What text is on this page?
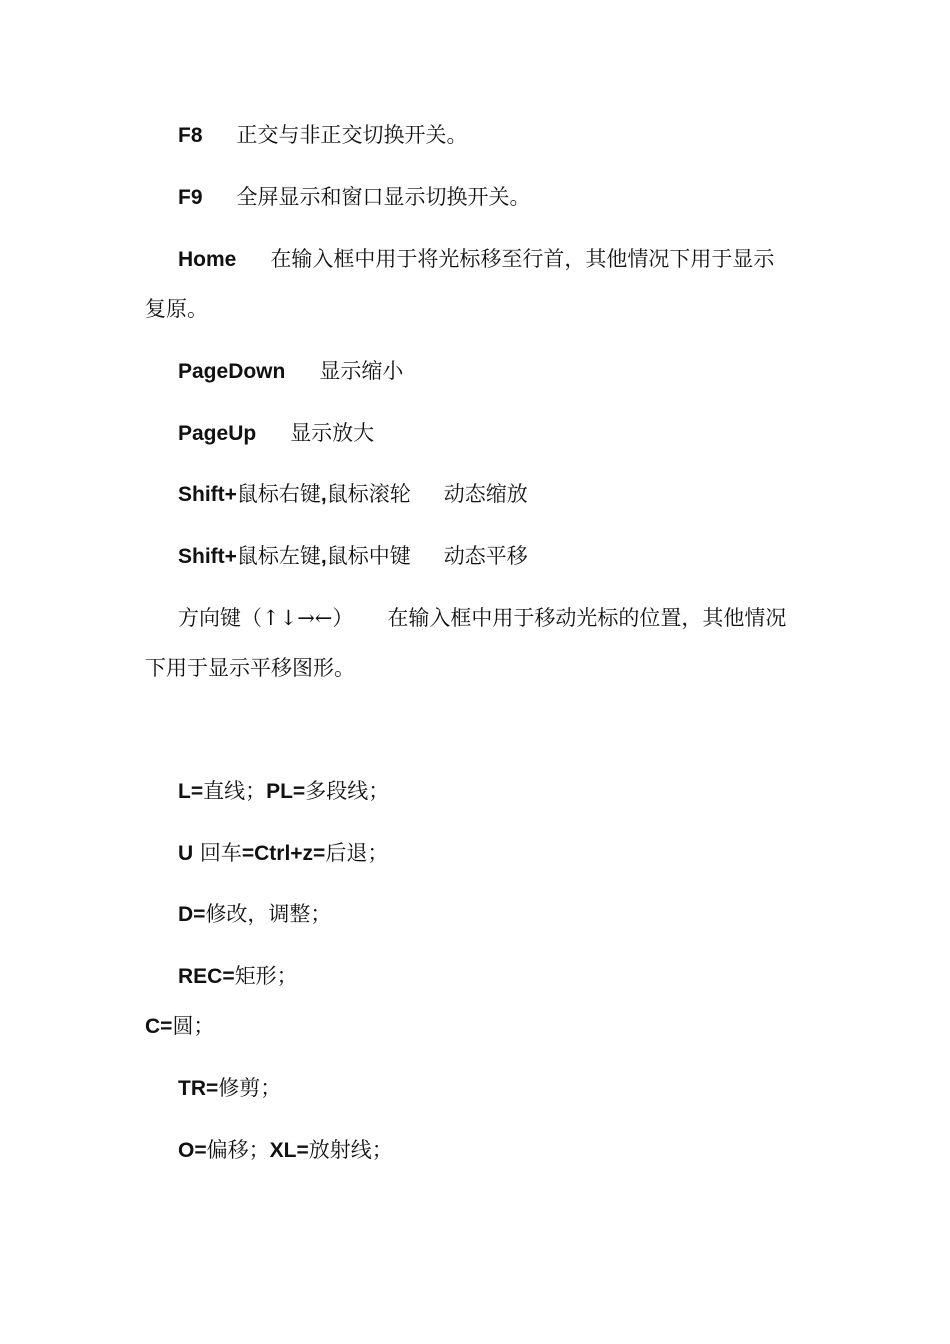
F8 正交与非正交切换开关。
F9 全屏显示和窗口显示切换开关。
Home 在输入框中用于将光标移至行首，其他情况下用于显示
复原。
PageDown 显示缩小
PageUp 显示放大
Shift+鼠标右键,鼠标滚轮 动态缩放
Shift+鼠标左键,鼠标中键 动态平移
方向键（↑↓→←） 在输入框中用于移动光标的位置，其他情况
下用于显示平移图形。
L=直线；PL=多段线；
U 回车=Ctrl+z=后退；
D=修改，调整；
REC=矩形；
C=圆；
TR=修剪；
O=偏移；XL=放射线；
